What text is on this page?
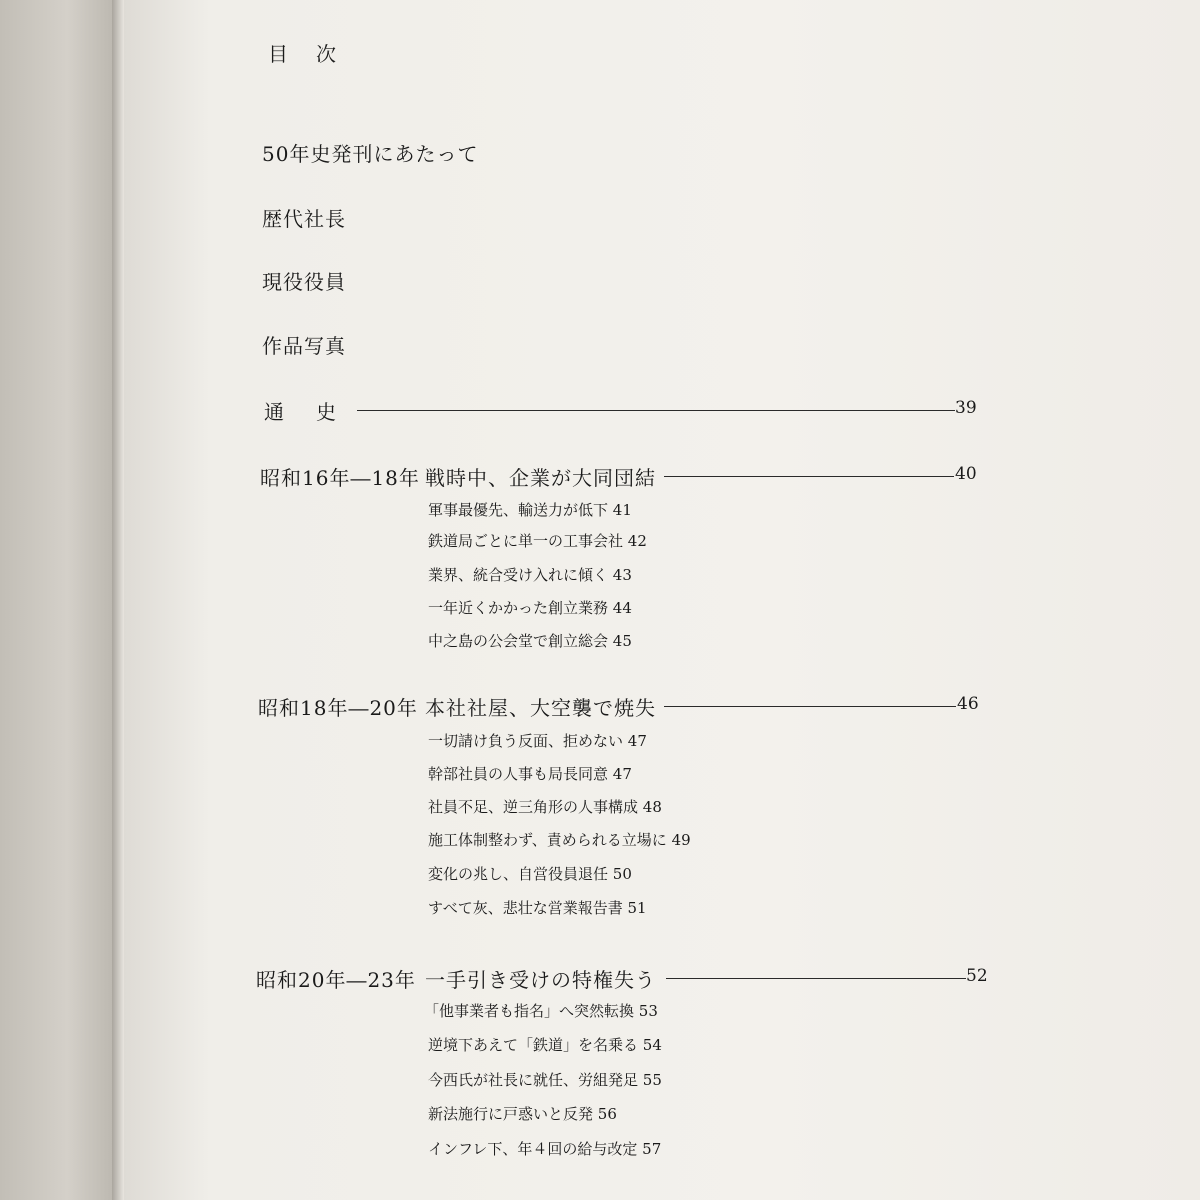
目次
50年史発刊にあたって
歴代社長
現役役員
作品写真
通　史	39
昭和16年―18年 戦時中、企業が大同団結	40
軍事最優先、輸送力が低下 41
鉄道局ごとに単一の工事会社 42
業界、統合受け入れに傾く 43
一年近くかかった創立業務 44
中之島の公会堂で創立総会 45
昭和18年―20年 本社社屋、大空襲で焼失	46
一切請け負う反面、拒めない 47
幹部社員の人事も局長同意 47
社員不足、逆三角形の人事構成 48
施工体制整わず、責められる立場に 49
変化の兆し、自営役員退任 50
すべて灰、悲壮な営業報告書 51
昭和20年―23年 一手引き受けの特権失う	52
「他事業者も指名」へ突然転換 53
逆境下あえて「鉄道」を名乗る 54
今西氏が社長に就任、労組発足 55
新法施行に戸惑いと反発 56
インフレ下、年４回の給与改定 57
